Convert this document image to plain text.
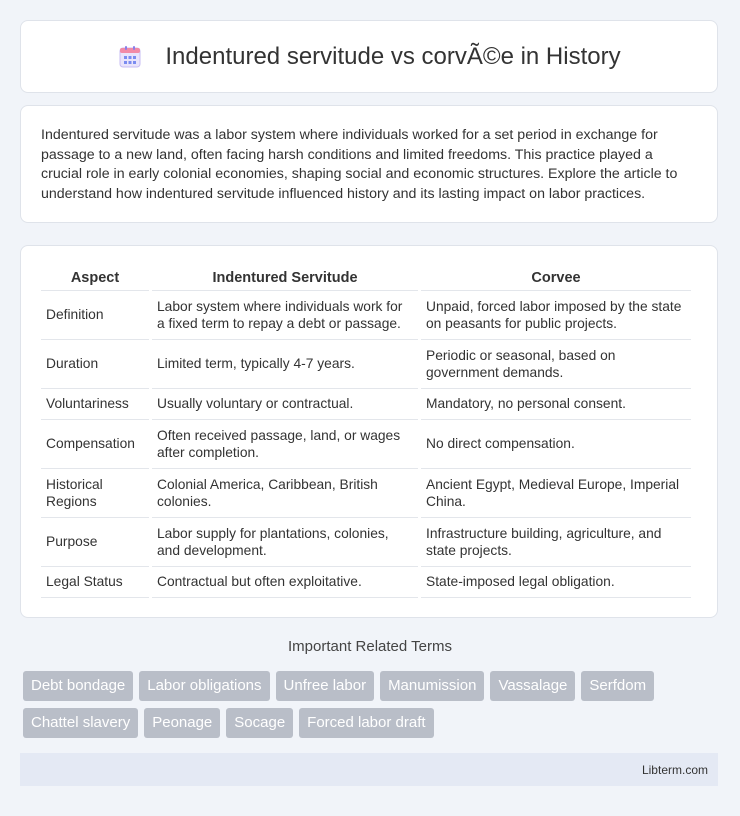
Indentured servitude vs corvÃ©e in History

Indentured servitude was a labor system where individuals worked for a set period in exchange for passage to a new land, often facing harsh conditions and limited freedoms. This practice played a crucial role in early colonial economies, shaping social and economic structures. Explore the article to understand how indentured servitude influenced history and its lasting impact on labor practices.

Aspect	Indentured Servitude	Corvee
Definition	Labor system where individuals work for a fixed term to repay a debt or passage.	Unpaid, forced labor imposed by the state on peasants for public projects.
Duration	Limited term, typically 4-7 years.	Periodic or seasonal, based on government demands.
Voluntariness	Usually voluntary or contractual.	Mandatory, no personal consent.
Compensation	Often received passage, land, or wages after completion.	No direct compensation.
Historical Regions	Colonial America, Caribbean, British colonies.	Ancient Egypt, Medieval Europe, Imperial China.
Purpose	Labor supply for plantations, colonies, and development.	Infrastructure building, agriculture, and state projects.
Legal Status	Contractual but often exploitative.	State-imposed legal obligation.
Important Related Terms
Debt bondage	Labor obligations	Unfree labor	Manumission	Vassalage	Serfdom
Chattel slavery	Peonage	Socage	Forced labor draft
Libterm.com
